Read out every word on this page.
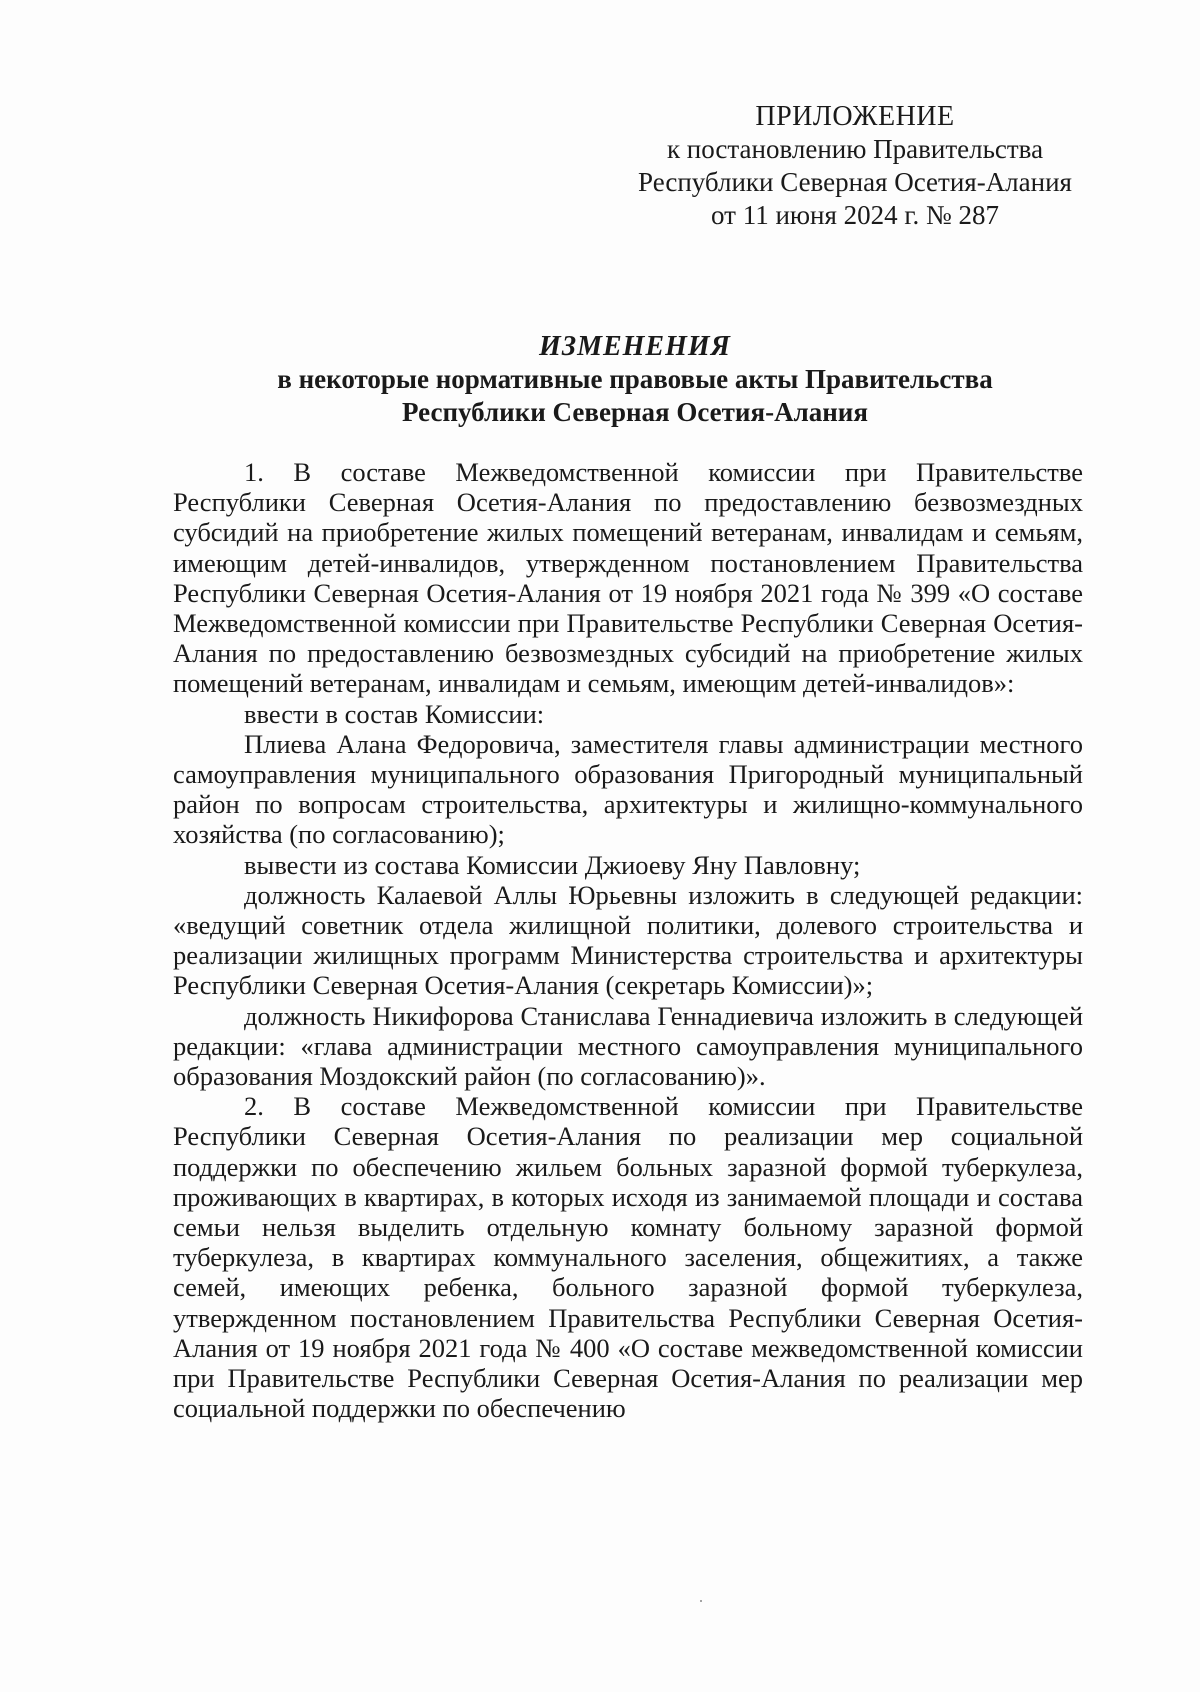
ПРИЛОЖЕНИЕ
к постановлению Правительства
Республики Северная Осетия-Алания
от 11 июня 2024 г. № 287
ИЗМЕНЕНИЯ
в некоторые нормативные правовые акты Правительства
Республики Северная Осетия-Алания

1. В составе Межведомственной комиссии при Правительстве Республики Северная Осетия-Алания по предоставлению безвозмездных субсидий на приобретение жилых помещений ветеранам, инвалидам и семьям, имеющим детей-инвалидов, утвержденном постановлением Правительства Республики Северная Осетия-Алания от 19 ноября 2021 года № 399 «О составе Межведомственной комиссии при Правительстве Республики Северная Осетия-Алания по предоставлению безвозмездных субсидий на приобретение жилых помещений ветеранам, инвалидам и семьям, имеющим детей-инвалидов»:

ввести в состав Комиссии:

Плиева Алана Федоровича, заместителя главы администрации местного самоуправления муниципального образования Пригородный муниципальный район по вопросам строительства, архитектуры и жилищно-коммунального хозяйства (по согласованию);

вывести из состава Комиссии Джиоеву Яну Павловну;

должность Калаевой Аллы Юрьевны изложить в следующей редакции: «ведущий советник отдела жилищной политики, долевого строительства и реализации жилищных программ Министерства строительства и архитектуры Республики Северная Осетия-Алания (секретарь Комиссии)»;

должность Никифорова Станислава Геннадиевича изложить в следующей редакции: «глава администрации местного самоуправления муниципального образования Моздокский район (по согласованию)».

2. В составе Межведомственной комиссии при Правительстве Республики Северная Осетия-Алания по реализации мер социальной поддержки по обеспечению жильем больных заразной формой туберкулеза, проживающих в квартирах, в которых исходя из занимаемой площади и состава семьи нельзя выделить отдельную комнату больному заразной формой туберкулеза, в квартирах коммунального заселения, общежитиях, а также семей, имеющих ребенка, больного заразной формой туберкулеза, утвержденном постановлением Правительства Республики Северная Осетия-Алания от 19 ноября 2021 года № 400 «О составе межведомственной комиссии при Правительстве Республики Северная Осетия-Алания по реализации мер социальной поддержки по обеспечению
